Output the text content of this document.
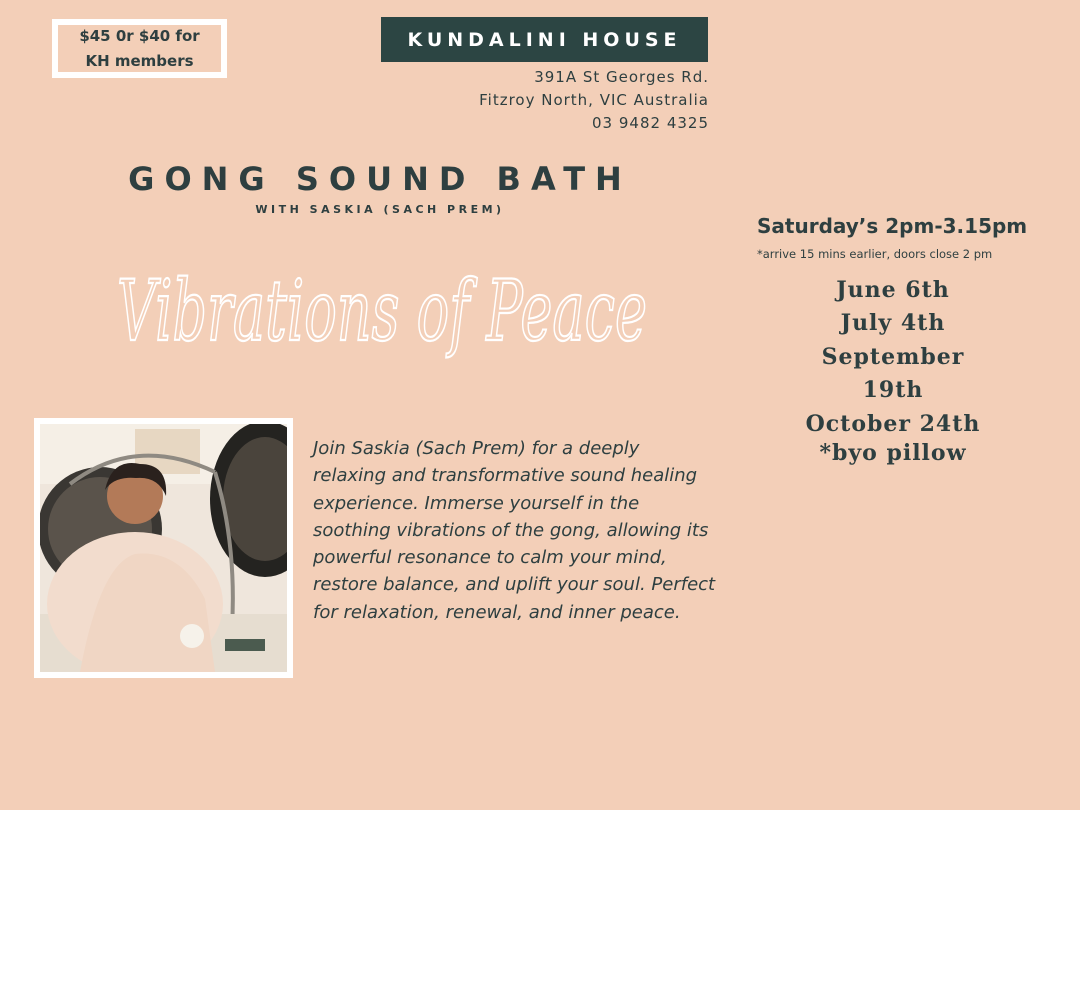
$45 0r $40 for
KH members
KUNDALINI HOUSE
391A St Georges Rd.
Fitzroy North, VIC Australia
03 9482 4325
GONG SOUND BATH
WITH SASKIA (SACH PREM)
Vibrations of Peace
Join Saskia (Sach Prem) for a deeply relaxing and transformative sound healing experience. Immerse yourself in the soothing vibrations of the gong, allowing its powerful resonance to calm your mind, restore balance, and uplift your soul. Perfect for relaxation, renewal, and inner peace.
Saturday’s 2pm-3.15pm
*arrive 15 mins earlier, doors close 2 pm
June 6th
July 4th
September 19th
October 24th
*byo pillow
